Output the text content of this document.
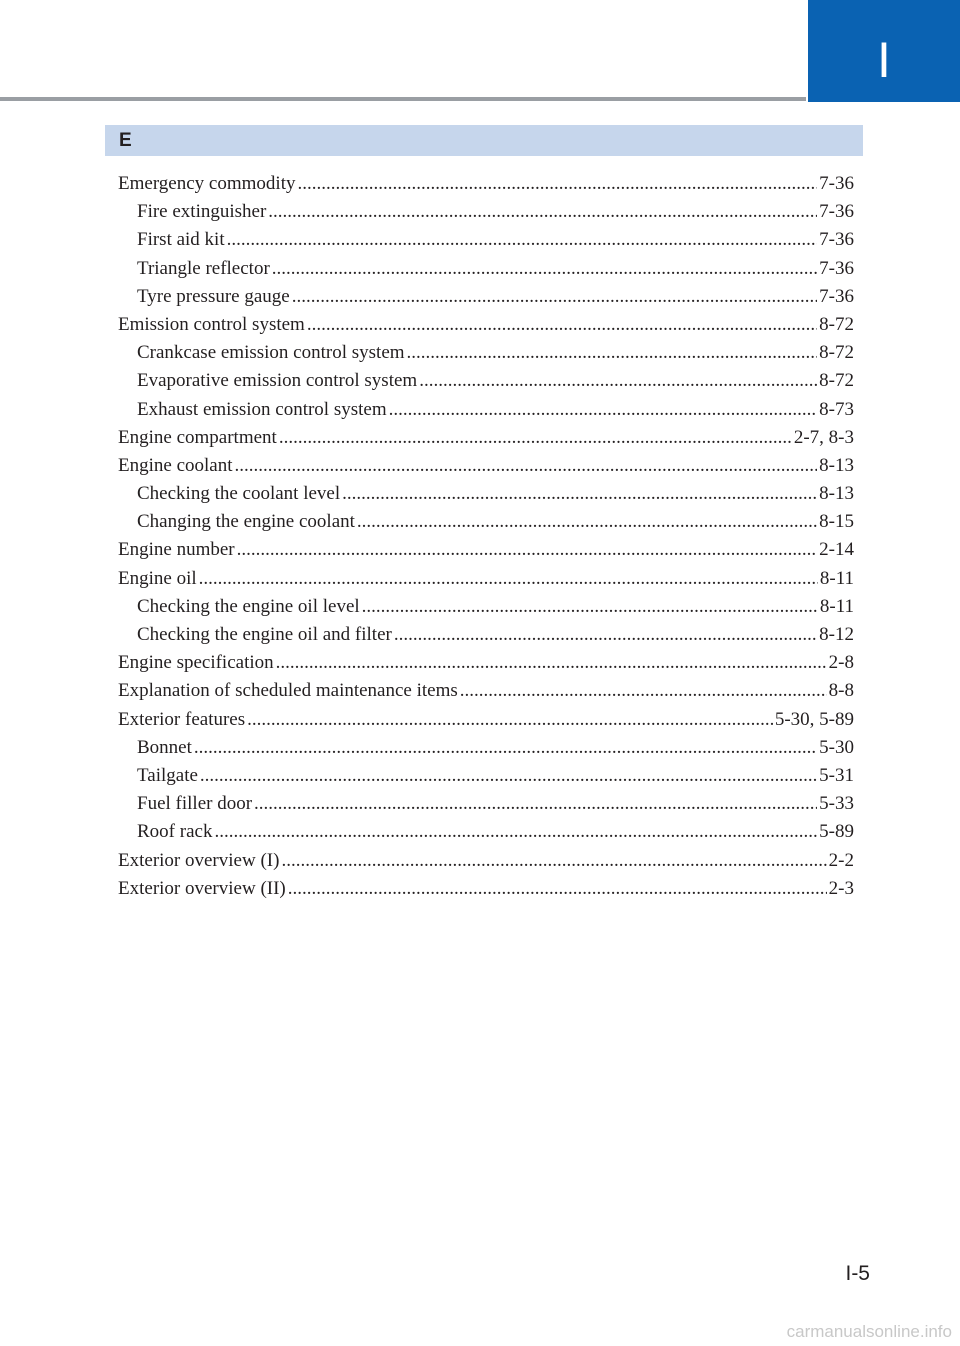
I
E
Emergency commodity .....	7-36
Fire extinguisher .....	7-36
First aid kit .....	7-36
Triangle reflector .....	7-36
Tyre pressure gauge .....	7-36
Emission control system .....	8-72
Crankcase emission control system .....	8-72
Evaporative emission control system .....	8-72
Exhaust emission control system .....	8-73
Engine compartment .....	2-7, 8-3
Engine coolant .....	8-13
Checking the coolant level .....	8-13
Changing the engine coolant .....	8-15
Engine number .....	2-14
Engine oil .....	8-11
Checking the engine oil level .....	8-11
Checking the engine oil and filter .....	8-12
Engine specification .....	2-8
Explanation of scheduled maintenance items .....	8-8
Exterior features .....	5-30, 5-89
Bonnet .....	5-30
Tailgate .....	5-31
Fuel filler door .....	5-33
Roof rack .....	5-89
Exterior overview (I) .....	2-2
Exterior overview (II) .....	2-3
I-5
carmanualsonline.info
